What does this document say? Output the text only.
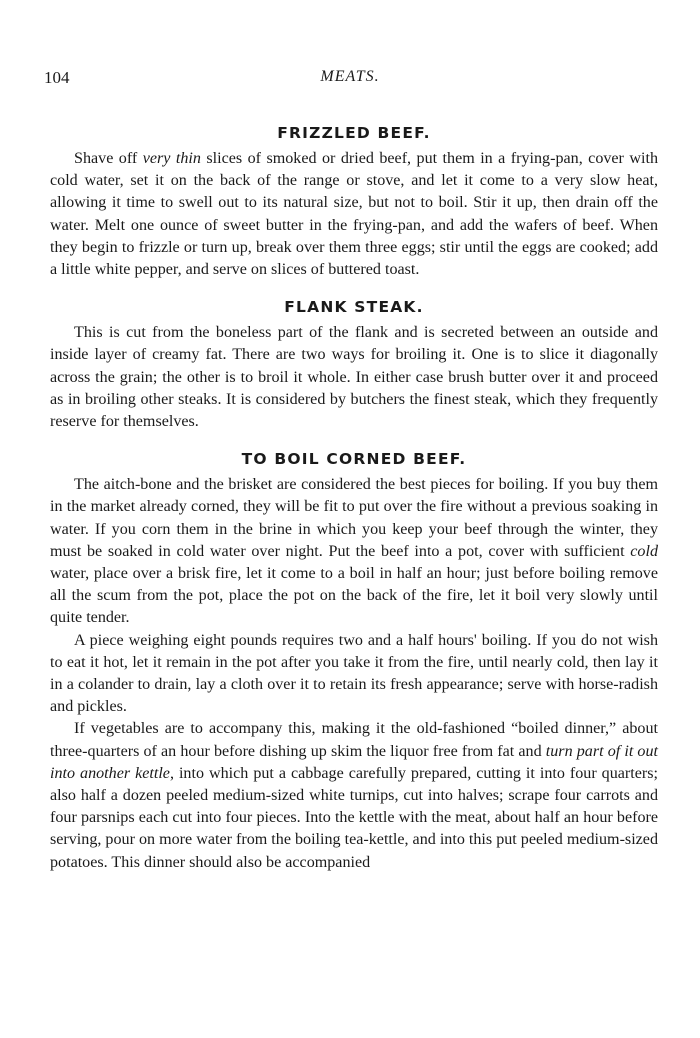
104	MEATS.
FRIZZLED BEEF.

Shave off very thin slices of smoked or dried beef, put them in a frying-pan, cover with cold water, set it on the back of the range or stove, and let it come to a very slow heat, allowing it time to swell out to its natural size, but not to boil. Stir it up, then drain off the water. Melt one ounce of sweet butter in the frying-pan, and add the wafers of beef. When they begin to frizzle or turn up, break over them three eggs; stir until the eggs are cooked; add a little white pepper, and serve on slices of buttered toast.

FLANK STEAK.

This is cut from the boneless part of the flank and is secreted between an outside and inside layer of creamy fat. There are two ways for broiling it. One is to slice it diagonally across the grain; the other is to broil it whole. In either case brush butter over it and proceed as in broiling other steaks. It is considered by butchers the finest steak, which they frequently reserve for themselves.

TO BOIL CORNED BEEF.

The aitch-bone and the brisket are considered the best pieces for boiling. If you buy them in the market already corned, they will be fit to put over the fire without a previous soaking in water. If you corn them in the brine in which you keep your beef through the winter, they must be soaked in cold water over night. Put the beef into a pot, cover with sufficient cold water, place over a brisk fire, let it come to a boil in half an hour; just before boiling remove all the scum from the pot, place the pot on the back of the fire, let it boil very slowly until quite tender.

A piece weighing eight pounds requires two and a half hours' boiling. If you do not wish to eat it hot, let it remain in the pot after you take it from the fire, until nearly cold, then lay it in a colander to drain, lay a cloth over it to retain its fresh appearance; serve with horse-radish and pickles.

If vegetables are to accompany this, making it the old-fashioned “boiled dinner,” about three-quarters of an hour before dishing up skim the liquor free from fat and turn part of it out into another kettle, into which put a cabbage carefully prepared, cutting it into four quarters; also half a dozen peeled medium-sized white turnips, cut into halves; scrape four carrots and four parsnips each cut into four pieces. Into the kettle with the meat, about half an hour before serving, pour on more water from the boiling tea-kettle, and into this put peeled medium-sized potatoes. This dinner should also be accompanied
